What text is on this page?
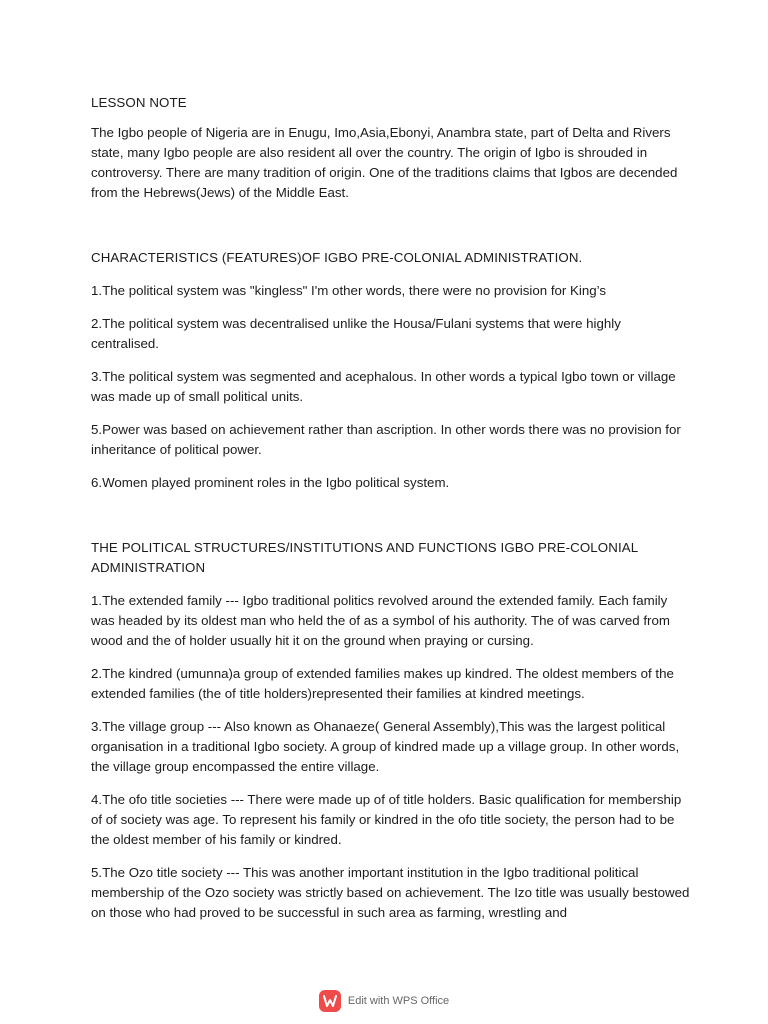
LESSON NOTE

The Igbo people of Nigeria are in Enugu, Imo,Asia,Ebonyi, Anambra state, part of Delta and Rivers state, many Igbo people are also resident all over the country. The origin of Igbo is shrouded in controversy. There are many tradition of origin. One of the traditions claims that Igbos are decended from the Hebrews(Jews) of the Middle East.

CHARACTERISTICS (FEATURES)OF IGBO PRE-COLONIAL ADMINISTRATION.

1.The political system was "kingless" I'm other words, there were no provision for King’s

2.The political system was decentralised unlike the Housa/Fulani systems that were highly centralised.

3.The political system was segmented and acephalous. In other words a typical Igbo town or village was made up of small political units.

5.Power was based on achievement rather than ascription. In other words there was no provision for inheritance of political power.

6.Women played prominent roles in the Igbo political system.

THE POLITICAL STRUCTURES/INSTITUTIONS AND FUNCTIONS IGBO PRE-COLONIAL ADMINISTRATION

1.The extended family --- Igbo traditional politics revolved around the extended family. Each family was headed by its oldest man who held the of as a symbol of his authority. The of was carved from wood and the of holder usually hit it on the ground when praying or cursing.

2.The kindred (umunna)a group of extended families makes up kindred. The oldest members of the extended families (the of title holders)represented their families at kindred meetings.

3.The village group --- Also known as Ohanaeze( General Assembly),This was the largest political organisation in a traditional Igbo society. A group of kindred made up a village group. In other words, the village group encompassed the entire village.

4.The ofo title societies --- There were made up of of title holders. Basic qualification for membership of of society was age. To represent his family or kindred in the ofo title society, the person had to be the oldest member of his family or kindred.

5.The Ozo title society --- This was another important institution in the Igbo traditional political membership of the Ozo society was strictly based on achievement. The Izo title was usually bestowed on those who had proved to be successful in such area as farming, wrestling and

Edit with WPS Office
